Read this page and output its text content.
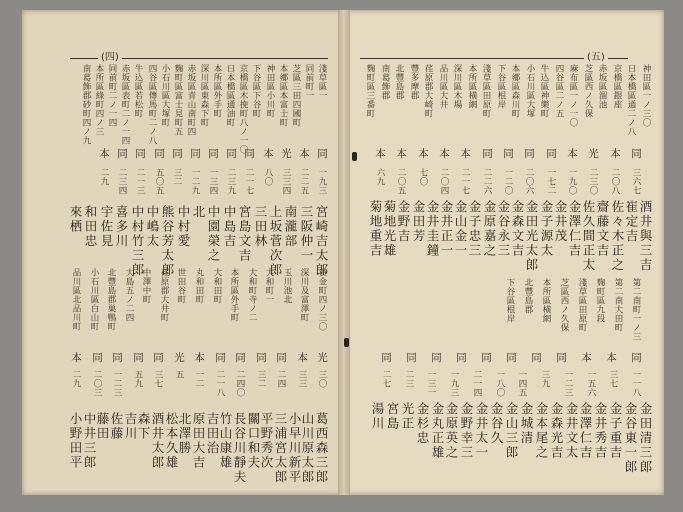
(四)	(五)
淺草區一
同前町一
芝區三田四國町
本郷區本富士町
神田區小川町
下谷區下谷町
京橋區木挽町八ノ一〇
日本橋區通油町
本所區外手町
深川區東森下町
赤坂區青山南町四
麴町區富士見町五
小石川區大塚町
四谷區傳馬町二ノ八
牛込區若松町
赤坂區表町二ノ一四
同前町二ノ一四
本所區綠町四ノ三
南葛飾郡砂町四ノ九
同
本
光
本
同
同
同
同
同
同
同
同
本
一九三
二二五
三三四
八〇
二一七
二三九
一三四
一二九
三二
五〇五
二一三
二三四
二九
宮崎吉太郎
三阪仲一
南瀧部
上坂菅次郎
三田林
宮島文吉
中島吉
中園榮之
北
中村愛
熊谷芳太郎
中嶋太
中村竹三郎
喜多川
宇佐見
和田忠
來栖
黄金町四ノ三〇
深川及富澤町
玉川池北
大和町一
大和町寺ノ二
本所區外手町
大和田町
丸和田町
世田谷町
荏原郡大井町
中澤中町
大島五ノ二四
北豐島郡巣鴨町
小石川區白山町
品川區北品川町
光
本
同
同
同
同
本
光
同
同
同
同
本
三〇
三三
二四
三二
二四〇
二一八
一二
五
三七
五九
一二三
二〇三
二九
葛西森三郎
山川原太郎
小早川新平
三浦宮太郎
平野秀次
關口和夫
長谷川靜夫
竹山康雄
吉田治
原田大吉
北澤勝
松本久雄
酒井太郎
森下
吉川
佐藤
藤田
中井三郎
小野田平
神田區一ノ三〇
日本橋區通二ノ八
京橋區銀座
赤坂區溜池
芝區西ノ久保
麻布區一ノ一〇
四谷區二ノ五
牛込區神樂町
小石川區大塚
本郷區森川町
下谷區根岸
淺草區田原町
本所區橫網
深川區木場
品川區大井
荏原郡大崎町
豐多摩郡
北豐島郡
南葛飾郡
麴町區三番町
同
本
光
本
同
同
同
同
本
本
本
本
本
三六七
二〇八
二三〇
一九〇
一七二
二〇六
一二〇
二二六
二一七
二〇四
七〇
二〇五
六九
酒井與三吉
崔定吉
佐々木正之
齋藤文吉
佐久間正太
金澤仁吉
金井茂
金子源太
金田光太郎
金森文吉
金谷永三
金原嘉之
金子忠三
金山金一
金井正一
金井圭鐘
金田芳
金野吉
菊地光雄
菊地重吉
第二南町一ノ三
第二南大田町
麴町區九段
淺草區田原町
芝區西ノ久保
本所區橫網
北豐島郡
下谷區根岸
同
本
本
同
同
同
同
同
同
同
同
一一八
三七
一五六
一二三
三九
一四五
一八〇
二一四
一九三
一三一
二三
二七
金田清三郎
金谷東一郎
金子重吉
金井秀吉
金澤仁吉
金井文太
金森光吉
金本尾之
金城清
金山三郎
金谷久
金井太一
金野幸三
金原英之
金丸正雄
金杉忠
光正
宮島
湯川
